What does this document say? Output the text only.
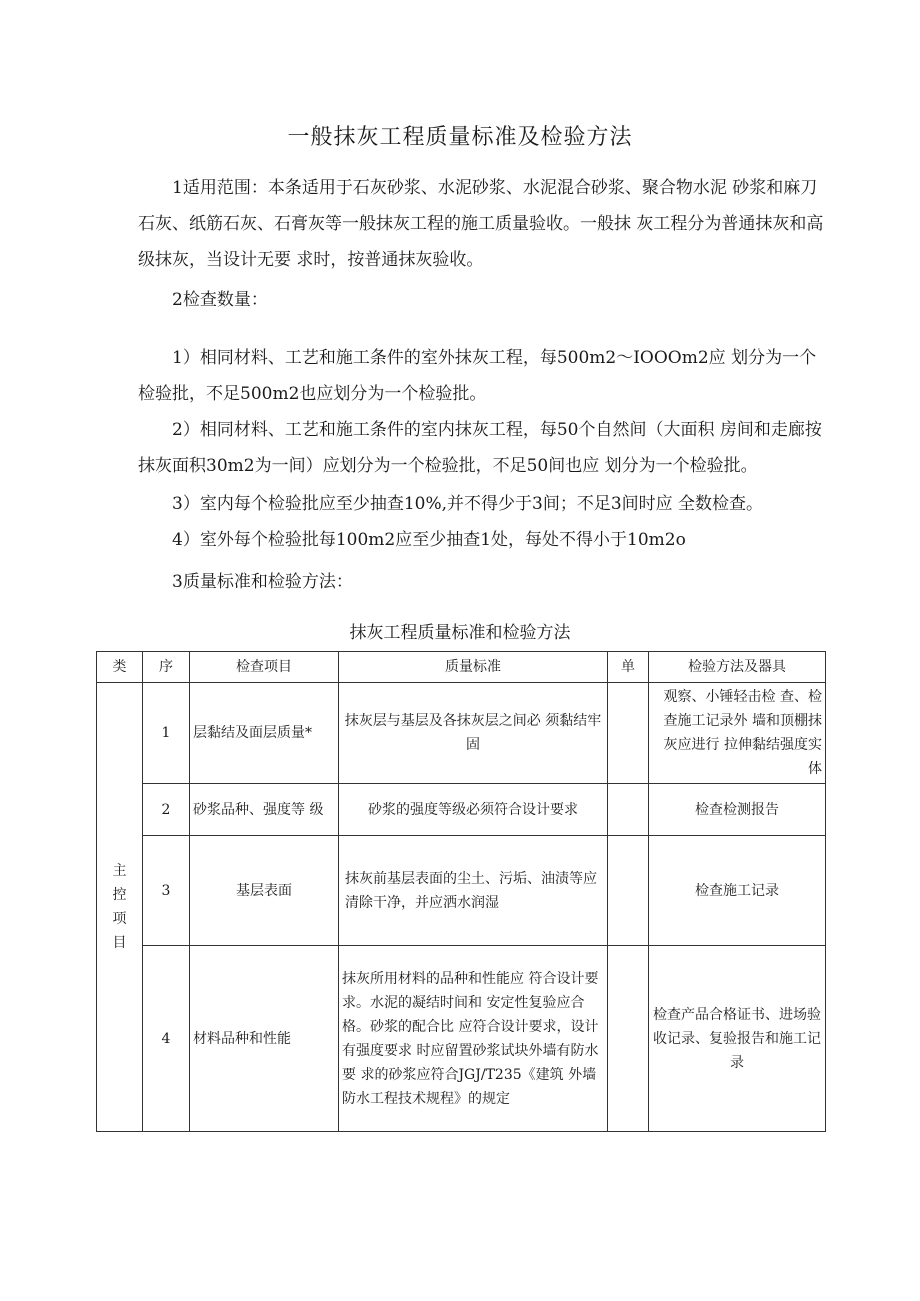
一般抹灰工程质量标准及检验方法

1适用范围：本条适用于石灰砂浆、水泥砂浆、水泥混合砂浆、聚合物水泥 砂浆和麻刀石灰、纸筋石灰、石膏灰等一般抹灰工程的施工质量验收。一般抹 灰工程分为普通抹灰和高级抹灰，当设计无要 求时，按普通抹灰验收。

2检查数量：

1）相同材料、工艺和施工条件的室外抹灰工程，每500m2～IOOOm2应 划分为一个检验批，不足500m2也应划分为一个检验批。

2）相同材料、工艺和施工条件的室内抹灰工程，每50个自然间（大面积 房间和走廊按抹灰面积30m2为一间）应划分为一个检验批，不足50间也应 划分为一个检验批。

3）室内每个检验批应至少抽查10%,并不得少于3间；不足3间时应 全数检查。

4）室外每个检验批每100m2应至少抽查1处，每处不得小于10m2o

3质量标准和检验方法：

抹灰工程质量标准和检验方法

类	序	检查项目	质量标准	单	检验方法及器具

主
控
项
目	1	层黏结及面层质量*	抹灰层与基层及各抹灰层之间必 须黏结牢固		观察、小锤轻击检 查、检查施工记录外 墙和顶棚抹灰应进行 拉伸黏结强度实体
	2	砂浆品种、强度等 级	砂浆的强度等级必须符合设计要求		检查检测报告
	3	基层表面	抹灰前基层表面的尘土、污垢、油渍等应清除干净，并应洒水润湿		检查施工记录
	4	材料品种和性能	抹灰所用材料的品种和性能应 符合设计要求。水泥的凝结时间和 安定性复验应合格。砂浆的配合比 应符合设计要求，设计有强度要求 时应留置砂浆试块外墙有防水要 求的砂浆应符合JGJ/T235《建筑 外墙防水工程技术规程》的规定		检查产品合格证书、进场验收记录、复验报告和施工记录
